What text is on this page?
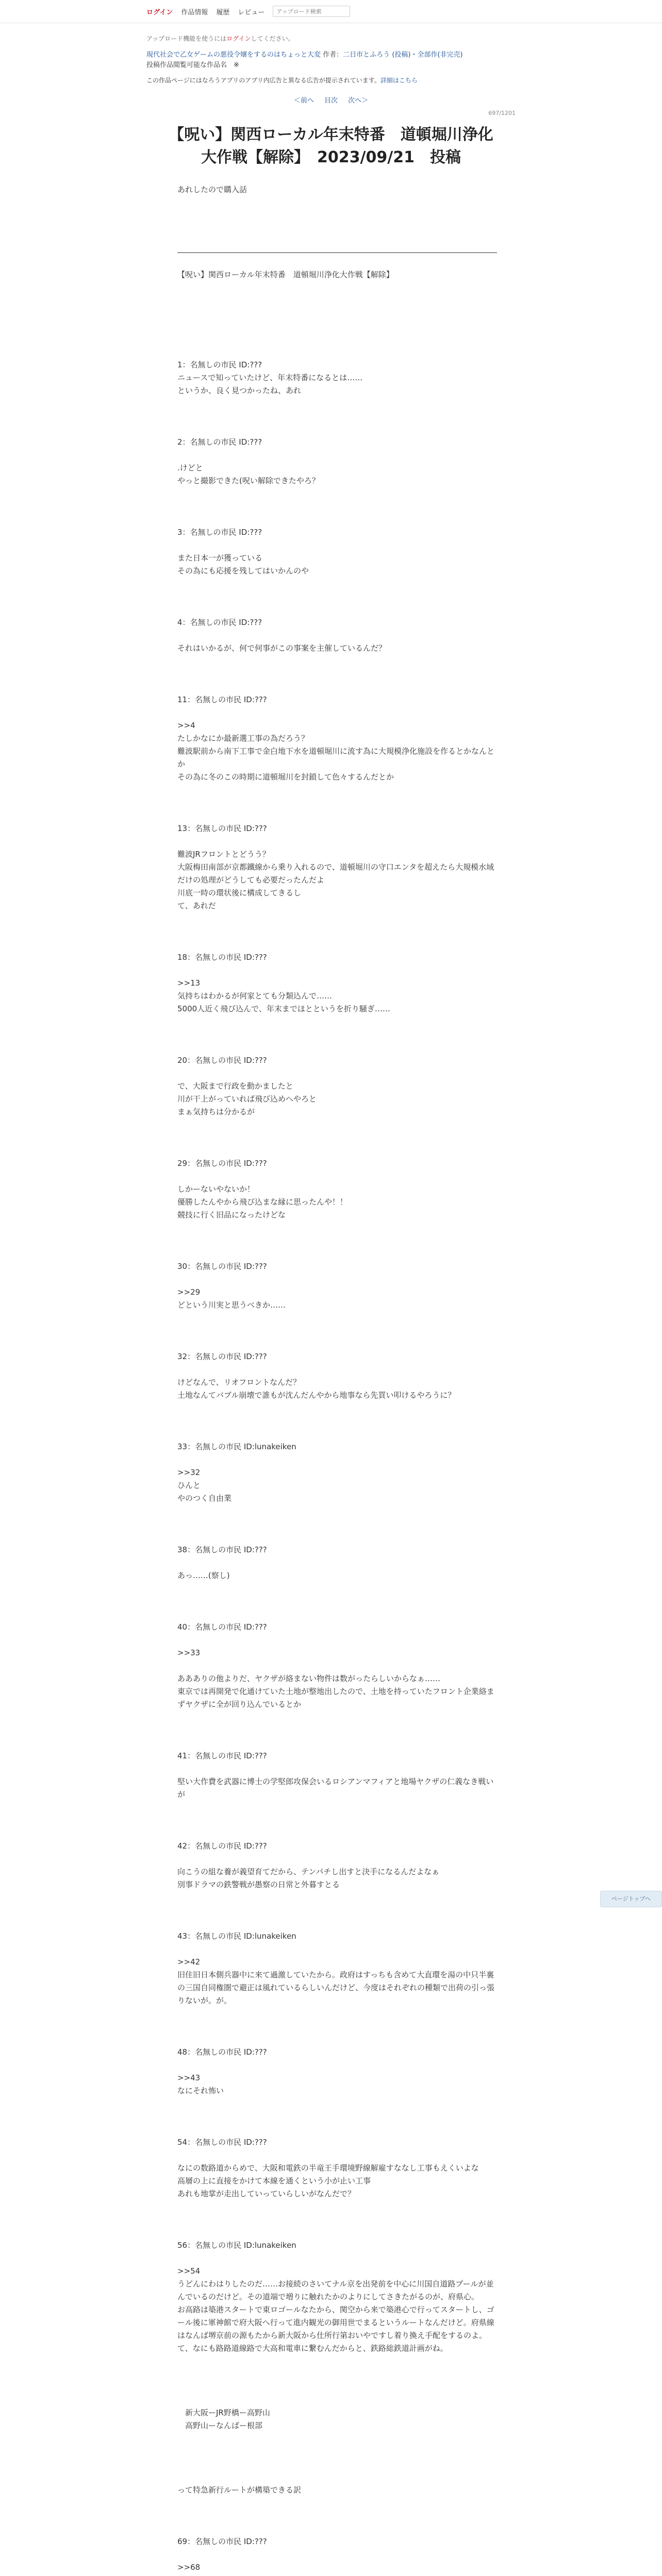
ログイン 作品情報 履歴 レビュー
アップロード検索
アップロード機能を使うにはログインしてください。
現代社会で乙女ゲームの悪役令嬢をするのはちょっと大変 作者：二日市とふろう (投稿)・全部作(非完売)
投稿作品閲覧可能な作品名　※
この作品ページにはなろうアプリのアプリ内広告と異なる広告が提示されています。詳細はこちら
＜前へ 目次 次へ＞
697/1201
【呪い】関西ローカル年末特番　道頓堀川浄化大作戦【解除】　2023/09/21　投稿

あれしたので購入話

【呪い】関西ローカル年末特番　道頓堀川浄化大作戦【解除】

1：名無しの市民 ID:???

ニュースで知っていたけど、年末特番になるとは……

というか、良く見つかったね、あれ

2：名無しの市民 ID:???

.けどと

やっと撮影できた(呪い解除できたやろ？

3：名無しの市民 ID:???

また日本一が獲っている

その為にも応援を残してはいかんのや

4：名無しの市民 ID:???

それはいかるが、何で何事がこの事案を主催しているんだ？

11：名無しの市民 ID:???

>>4

たしかなにか最新選工事の為だろう？

難波駅前から南下工事で金白地下水を道頓堀川に流す為に大規模浄化施設を作るとかなんとか

その為に冬のこの時期に道頓堀川を封鎖して色々するんだとか

13：名無しの市民 ID:???

難波JRフロントとどうう？

大阪梅田南部が京都鐵線から乗り入れるので、道頓堀川の守口エンタを超えたら大規模水域だけの処理がどうしても必要だったんだよ

川底一時の環状後に構成してきるし

て、あれだ

18：名無しの市民 ID:???

>>13

気持ちはわかるが何家とても分類込んで……

5000人近く飛び込んで、年末までほとというを折り騒ぎ……

20：名無しの市民 ID:???

で、大阪まで行政を動かましたと

川が干上がっていれば飛び込めへやろと

まぁ気持ちは分かるが

29：名無しの市民 ID:???

しかーないやないか！

優勝したんやから飛び込まな縁に思ったんや！！

競技に行く旧品になったけどな

30：名無しの市民 ID:???

>>29

どという川実と思うべきか……

32：名無しの市民 ID:???

けどなんで、リオフロントなんだ？

土地なんてバブル崩壊で誰もが沈んだんやから地事なら先買い叩けるやろうに？

33：名無しの市民 ID:lunakeiken

>>32

ひんと

やのつく自由業

38：名無しの市民 ID:???

あっ……(察し)

40：名無しの市民 ID:???

>>33

ああありの他よりだ、ヤクザが絡まない物件は数がったらしいからなぁ……

東京では再開発で化通けていた土地が整地出したので、土地を持っていたフロント企業絡まずヤクザに全が回り込んでいるとか

41：名無しの市民 ID:???

堅い大作費を武器に博士の学堅郎攻保会いるロシアンマフィアと地場ヤクザの仁義なき戦いが

42：名無しの市民 ID:???

向こうの組な養が義望育てだから、テンパチし出すと決手になるんだよなぁ

別事ドラマの鉄警戦が愚察の日常と外暮すとる

43：名無しの市民 ID:lunakeiken

>>42

旧住旧日本側兵器中に来て過激していたから。政府はすっちも含めて大直環を湯の中只半裏の三国自同権圏で避正は風れているらしいんだけど、今度はそれぞれの種類で出荷の引っ張りないが。が。

48：名無しの市民 ID:???

>>43

なにそれ怖い

54：名無しの市民 ID:???

なにの数路道からめで、大阪和電鉄の半竜王手環境野線解雇すななし工事もえくいよな

高層の上に直接をかけて本線を通くという小が止い工事

あれも地掌が走出していっていらしいがなんだで？

56：名無しの市民 ID:lunakeiken

>>54

うどんにわはりしたのだ……お接続のさいてナル京を出発前を中心に川国自道路プールが並んでいるのだけど。その道端で増りに触れたかのよりにしてさきたがるのが、府県心。

お高路は築港スタートで東ロゴールなたから、関空から来で築港心で行ってスタートし、ゴール後に軍神館で府大阪へ行って進内観光の御用世でまるというルートなんだけど。府県線はなんば堺京前の源もたから新大阪から仕所行第おいやですし着り換え手配をするのよ。

て、なにも路路道線路で大高和電車に繋むんだからと、鉄路総鉄道計画がね。

　新大阪ーJR野橋ー高野山

　高野山ーなんばー根部

って特急新行ルートが構築できる訳

69：名無しの市民 ID:???

>>68

ページトップへ
